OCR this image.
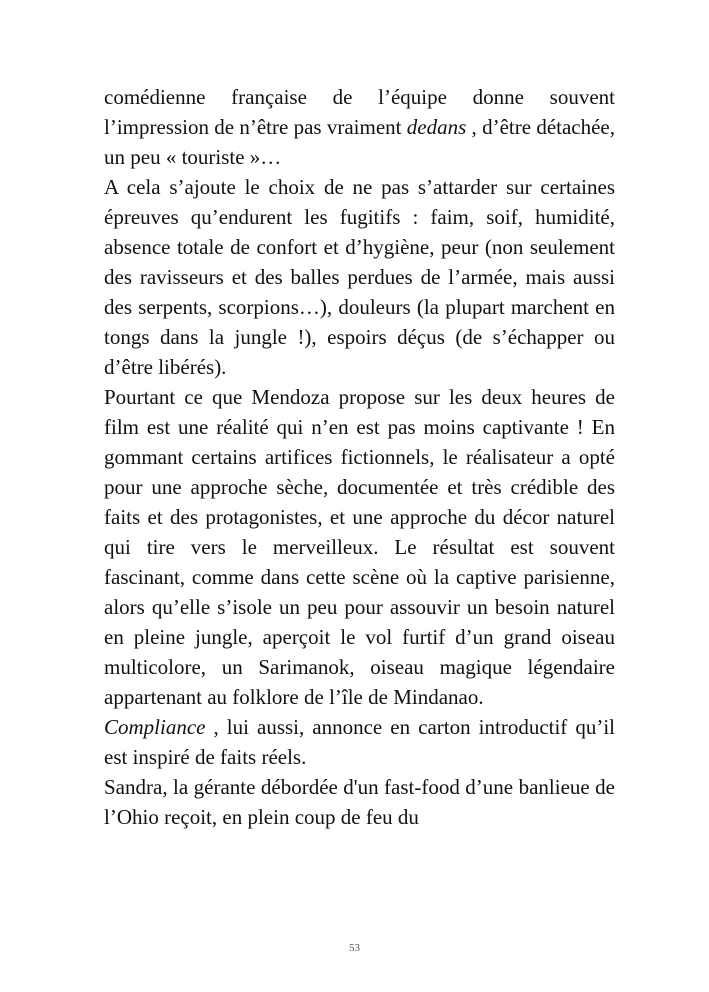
comédienne française de l’équipe donne souvent l’impression de n’être pas vraiment dedans , d’être détachée, un peu « touriste »…

A cela s’ajoute le choix de ne pas s’attarder sur certaines épreuves qu’endurent les fugitifs : faim, soif, humidité, absence totale de confort et d’hygiène, peur (non seulement des ravisseurs et des balles perdues de l’armée, mais aussi des serpents, scorpions…), douleurs (la plupart marchent en tongs dans la jungle !), espoirs déçus (de s’échapper ou d’être libérés).

Pourtant ce que Mendoza propose sur les deux heures de film est une réalité qui n’en est pas moins captivante ! En gommant certains artifices fictionnels, le réalisateur a opté pour une approche sèche, documentée et très crédible des faits et des protagonistes, et une approche du décor naturel qui tire vers le merveilleux. Le résultat est souvent fascinant, comme dans cette scène où la captive parisienne, alors qu’elle s’isole un peu pour assouvir un besoin naturel en pleine jungle, aperçoit le vol furtif d’un grand oiseau multicolore, un Sarimanok, oiseau magique légendaire appartenant au folklore de l’île de Mindanao.

Compliance , lui aussi, annonce en carton introductif qu’il est inspiré de faits réels.

Sandra, la gérante débordée d'un fast-food d’une banlieue de l’Ohio reçoit, en plein coup de feu du

53
